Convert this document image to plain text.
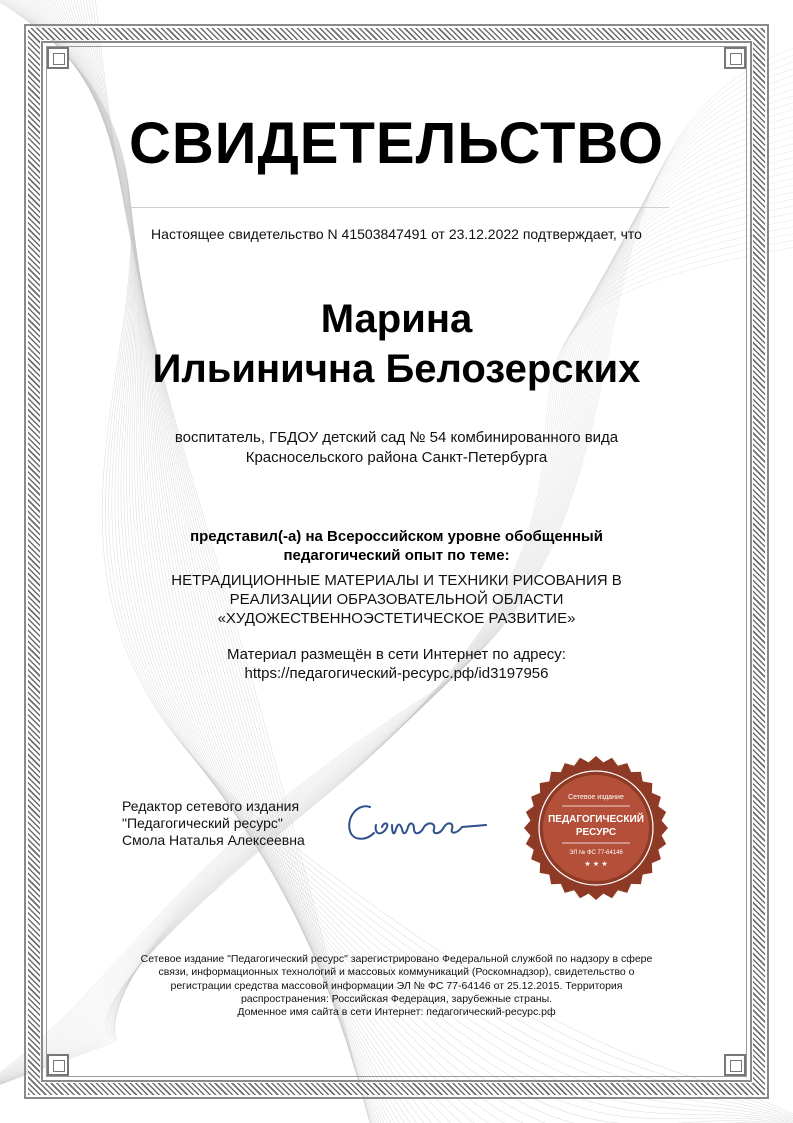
СВИДЕТЕЛЬСТВО
Настоящее свидетельство N 41503847491 от 23.12.2022 подтверждает, что
Марина
Ильинична Белозерских
воспитатель, ГБДОУ детский сад № 54 комбинированного вида
Красносельского района Санкт-Петербурга
представил(-а) на Всероссийском уровне обобщенный
педагогический опыт по теме:
НЕТРАДИЦИОННЫЕ МАТЕРИАЛЫ И ТЕХНИКИ РИСОВАНИЯ В
РЕАЛИЗАЦИИ ОБРАЗОВАТЕЛЬНОЙ ОБЛАСТИ
«ХУДОЖЕСТВЕННОЭСТЕТИЧЕСКОЕ РАЗВИТИЕ»
Материал размещён в сети Интернет по адресу:
https://педагогический-ресурс.рф/id3197956
Редактор сетевого издания
"Педагогический ресурс"
Смола Наталья Алексеевна
Сетевое издание
ПЕДАГОГИЧЕСКИЙ
РЕСУРС
ЭЛ № ФС 77-64146
★ ★ ★
Сетевое издание "Педагогический ресурс" зарегистрировано Федеральной службой по надзору в сфере
связи, информационных технологий и массовых коммуникаций (Роскомнадзор), свидетельство о
регистрации средства массовой информации ЭЛ № ФС 77-64146 от 25.12.2015. Территория
распространения: Российская Федерация, зарубежные страны.
Доменное имя сайта в сети Интернет: педагогический-ресурс.рф
